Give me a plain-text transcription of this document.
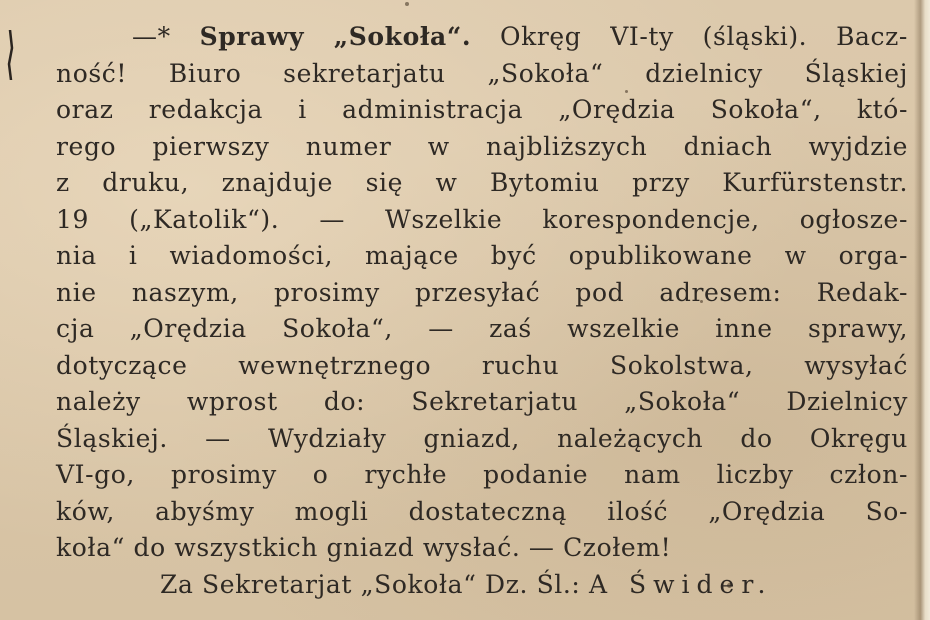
—* Sprawy „Sokoła“. Okręg VI-ty (śląski). Bacz-
ność! Biuro sekretarjatu „Sokoła“ dzielnicy Śląskiej
oraz redakcja i administracja „Orędzia Sokoła“, któ-
rego pierwszy numer w najbliższych dniach wyjdzie
z druku, znajduje się w Bytomiu przy Kurfürstenstr.
19 („Katolik“). — Wszelkie korespondencje, ogłosze-
nia i wiadomości, mające być opublikowane w orga-
nie naszym, prosimy przesyłać pod adresem: Redak-
cja „Orędzia Sokoła“, — zaś wszelkie inne sprawy,
dotyczące wewnętrznego ruchu Sokolstwa, wysyłać
należy wprost do: Sekretarjatu „Sokoła“ Dzielnicy
Śląskiej. — Wydziały gniazd, należących do Okręgu
VI-go, prosimy o rychłe podanie nam liczby człon-
ków, abyśmy mogli dostateczną ilość „Orędzia So-
koła“ do wszystkich gniazd wysłać. — Czołem!
Za Sekretarjat „Sokoła“ Dz. Śl.: A Świder.
